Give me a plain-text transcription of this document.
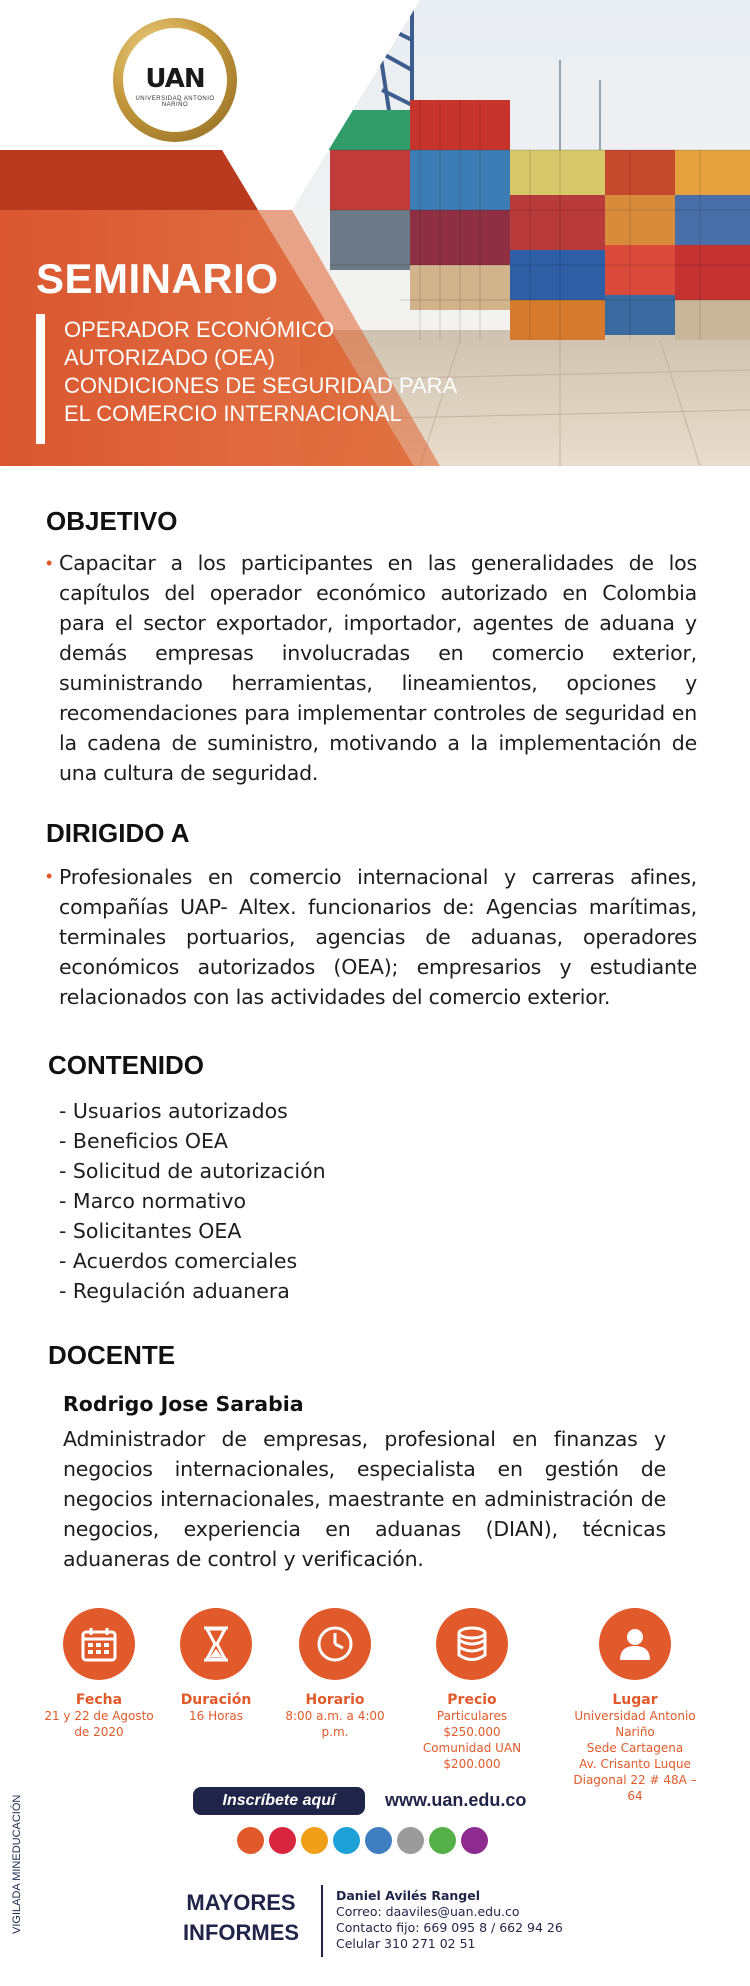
UAN
UNIVERSIDAD ANTONIO NARIÑO
SEMINARIO
OPERADOR ECONÓMICO
AUTORIZADO (OEA)
CONDICIONES DE SEGURIDAD PARA
EL COMERCIO INTERNACIONAL
OBJETIVO
• Capacitar a los participantes en las generalidades de los capítulos del operador económico autorizado en Colombia para el sector exportador, importador, agentes de aduana y demás empresas involucradas en comercio exterior, suministrando herramientas, lineamientos, opciones y recomendaciones para implementar controles de seguridad en la cadena de suministro, motivando a la implementación de una cultura de seguridad.
DIRIGIDO A
• Profesionales en comercio internacional y carreras afines, compañías UAP- Altex. funcionarios de: Agencias marítimas, terminales portuarios, agencias de aduanas, operadores económicos autorizados (OEA); empresarios y estudiante relacionados con las actividades del comercio exterior.
CONTENIDO
- Usuarios autorizados
- Beneficios OEA
- Solicitud de autorización
- Marco normativo
- Solicitantes OEA
- Acuerdos comerciales
- Regulación aduanera
DOCENTE
Rodrigo Jose Sarabia
Administrador de empresas, profesional en finanzas y negocios internacionales, especialista en gestión de negocios internacionales, maestrante en administración de negocios, experiencia en aduanas (DIAN), técnicas aduaneras de control y verificación.
Fecha
21 y 22 de Agosto
de 2020
Duración
16 Horas
Horario
8:00 a.m. a 4:00 p.m.
Precio
Particulares $250.000
Comunidad UAN $200.000
Lugar
Universidad Antonio Nariño
Sede Cartagena
Av. Crisanto Luque
Diagonal 22 # 48A – 64
VIGILADA MINEDUCACIÓN	Inscríbete aquí	www.uan.edu.co
MAYORES
INFORMES
Daniel Avilés Rangel
Correo: daaviles@uan.edu.co
Contacto fijo: 669 095 8 / 662 94 26
Celular 310 271 02 51
